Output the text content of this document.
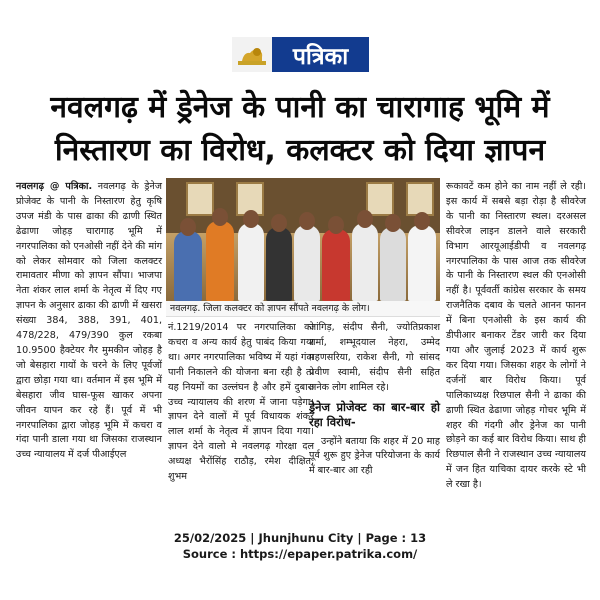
पत्रिका
नवलगढ़ में ड्रेनेज के पानी का चारागाह भूमि में निस्तारण का विरोध, कलक्टर को दिया ज्ञापन

नवलगढ़ @ पत्रिका. नवलगढ़ के ड्रेनेज प्रोजेक्ट के पानी के निस्तारण हेतु कृषि उपज मंडी के पास ढाका की ढाणी स्थित ढेढाणा जोहड़ चारागाह भूमि में नगरपालिका को एनओसी नहीं देने की मांग को लेकर सोमवार को जिला कलक्टर रामावतार मीणा को ज्ञापन सौंपा। भाजपा नेता शंकर लाल शर्मा के नेतृत्व में दिए गए ज्ञापन के अनुसार ढाका की ढाणी में खसरा संख्या 384, 388, 391, 401, 478/228, 479/390 कुल रकबा 10.9500 हैक्टेयर गैर मुमकीन जोहड़ है जो बेसहारा गायों के चरने के लिए पूर्वजों द्वारा छोड़ा गया था। वर्तमान में इस भूमि में बेसहारा जीव घास-फूस खाकर अपना जीवन यापन कर रहे हैं। पूर्व में भी नगरपालिका द्वारा जोहड़ भूमि में कचरा व गंदा पानी डाला गया था जिसका राजस्थान उच्च न्यायालय में दर्ज पीआईएल

नवलगढ़. जिला कलक्टर को ज्ञापन सौंपते नवलगढ़ के लोग।

नं.1219/2014 पर नगरपालिका को कचरा व अन्य कार्य हेतु पाबंद किया गया था। अगर नगरपालिका भविष्य में यहां गंदा पानी निकालने की योजना बना रही है तो यह नियमों का उल्लंघन है और हमें दुबारा उच्च न्यायालय की शरण में जाना पड़ेगा। ज्ञापन देने वालों में पूर्व विधायक शंकर लाल शर्मा के नेतृत्व में ज्ञापन दिया गया। ज्ञापन देने वालो मे नवलगढ़ गोरक्षा दल अध्यक्ष भैरोंसिंह राठौड़, रमेश दीक्षित, शुभम

जांगिड़, संदीप सैनी, ज्योतिप्रकाश शर्मा, शम्भूदयाल नेहरा, उम्मेद महणसरिया, राकेश सैनी, गो सांसद प्रवीण स्वामी, संदीप सैनी सहित अनेक लोग शामिल रहे।

ड्रेनेज प्रोजेक्ट का बार-बार हो रहा विरोध-

उन्होंने बताया कि शहर में 20 माह पूर्व शुरू हुए ड्रेनेज परियोजना के कार्य में बार-बार आ रही

रूकावटें कम होने का नाम नहीं ले रही। इस कार्य में सबसे बड़ा रोड़ा है सीवरेज के पानी का निस्तारण स्थल। दरअसल सीवरेज लाइन डालने वाले सरकारी विभाग आरयूआईडीपी व नवलगढ़ नगरपालिका के पास आज तक सीवरेज के पानी के निस्तारण स्थल की एनओसी नहीं है। पूर्ववर्ती कांग्रेस सरकार के समय राजनैतिक दबाव के चलते आनन फानन में बिना एनओसी के इस कार्य की डीपीआर बनाकर टेंडर जारी कर दिया गया और जुलाई 2023 में कार्य शुरू कर दिया गया। जिसका शहर के लोगों ने दर्जनों बार विरोध किया। पूर्व पालिकाध्यक्ष रिछपाल सैनी ने ढाका की ढाणी स्थित ढेढाणा जोहड़ गोचर भूमि में शहर की गंदगी और ड्रेनेज का पानी छोड़ने का कई बार विरोध किया। साथ ही रिछपाल सैनी ने राजस्थान उच्च न्यायालय में जन हित याचिका दायर करके स्टे भी ले रखा है।

25/02/2025 | Jhunjhunu City | Page : 13
Source : https://epaper.patrika.com/
